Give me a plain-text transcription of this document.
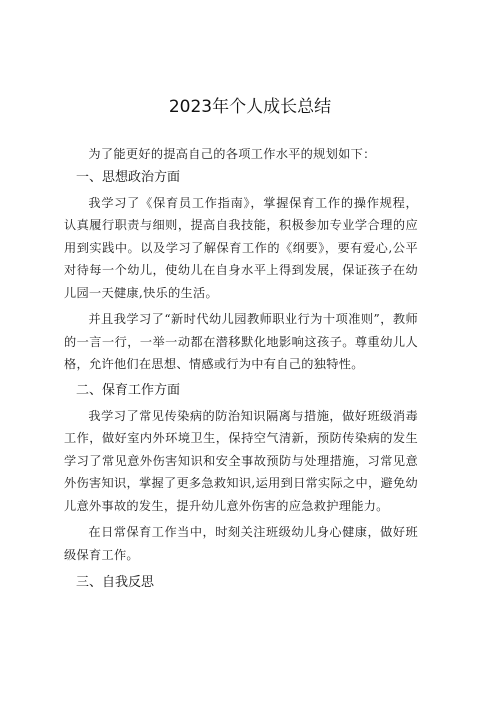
2023年个人成长总结

为了能更好的提高自己的各项工作水平的规划如下：

一、思想政治方面

我学习了《保育员工作指南》，掌握保育工作的操作规程，认真履行职责与细则，提高自我技能，积极参加专业学合理的应用到实践中。以及学习了解保育工作的《纲要》，要有爱心,公平对待每一个幼儿，使幼儿在自身水平上得到发展，保证孩子在幼儿园一天健康,快乐的生活。

并且我学习了“新时代幼儿园教师职业行为十项准则”，教师的一言一行，一举一动都在潜移默化地影响这孩子。尊重幼儿人格，允许他们在思想、情感或行为中有自己的独特性。

二、保育工作方面

我学习了常见传染病的防治知识隔离与措施，做好班级消毒工作，做好室内外环境卫生，保持空气清新，预防传染病的发生学习了常见意外伤害知识和安全事故预防与处理措施，习常见意外伤害知识，掌握了更多急救知识,运用到日常实际之中，避免幼儿意外事故的发生，提升幼儿意外伤害的应急救护理能力。

在日常保育工作当中，时刻关注班级幼儿身心健康，做好班级保育工作。

三、自我反思
